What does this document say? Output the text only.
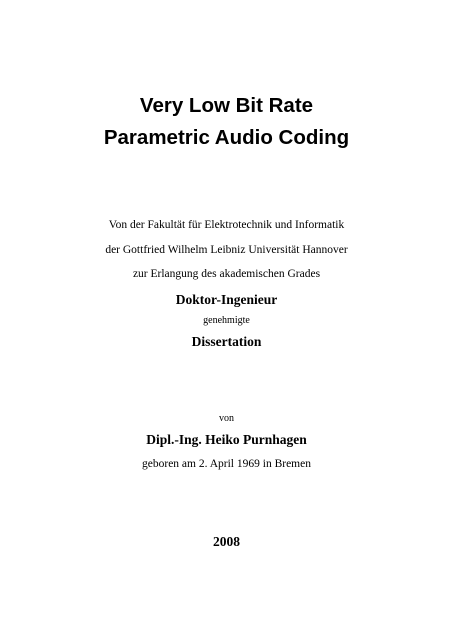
Very Low Bit Rate
Parametric Audio Coding
Von der Fakultät für Elektrotechnik und Informatik
der Gottfried Wilhelm Leibniz Universität Hannover
zur Erlangung des akademischen Grades
Doktor-Ingenieur
genehmigte
Dissertation
von
Dipl.-Ing. Heiko Purnhagen
geboren am 2. April 1969 in Bremen
2008
